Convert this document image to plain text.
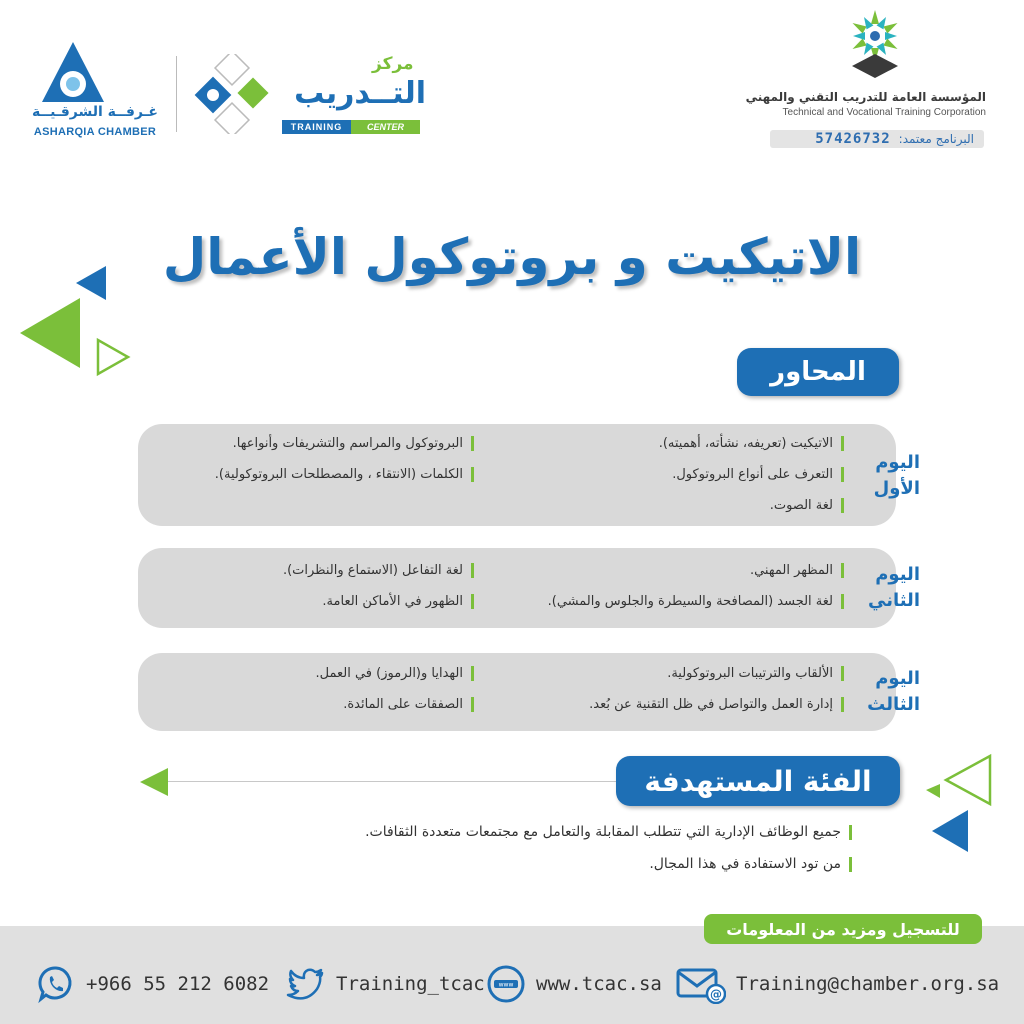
المؤسسة العامة للتدريب التقني والمهني
Technical and Vocational Training Corporation
57426732 البرنامج معتمد:
غـرفــة الشرقـيــة
ASHARQIA CHAMBER
مركز
التــدريب
TRAINING	CENTER
الاتيكيت و بروتوكول الأعمال
المحاور
اليوم
الأول
الاتيكيت (تعريفه، نشأته، أهميته).
التعرف على أنواع البروتوكول.
لغة الصوت.
البروتوكول والمراسم والتشريفات وأنواعها.
الكلمات (الانتقاء ، والمصطلحات البروتوكولية).
اليوم
الثاني
المظهر المهني.
لغة الجسد (المصافحة والسيطرة والجلوس والمشي).
لغة التفاعل (الاستماع والنظرات).
الظهور في الأماكن العامة.
اليوم
الثالث
الألقاب والترتيبات البروتوكولية.
إدارة العمل والتواصل في ظل التقنية عن بُعد.
الهدايا و(الرموز) في العمل.
الصفقات على المائدة.
الفئة المستهدفة
جميع الوظائف الإدارية التي تتطلب المقابلة والتعامل مع مجتمعات متعددة الثقافات.
من تود الاستفادة في هذا المجال.
للتسجيل ومزيد من المعلومات
+966 55 212 6082	Training_tcac www www.tcac.sa	@ Training@chamber.org.sa
